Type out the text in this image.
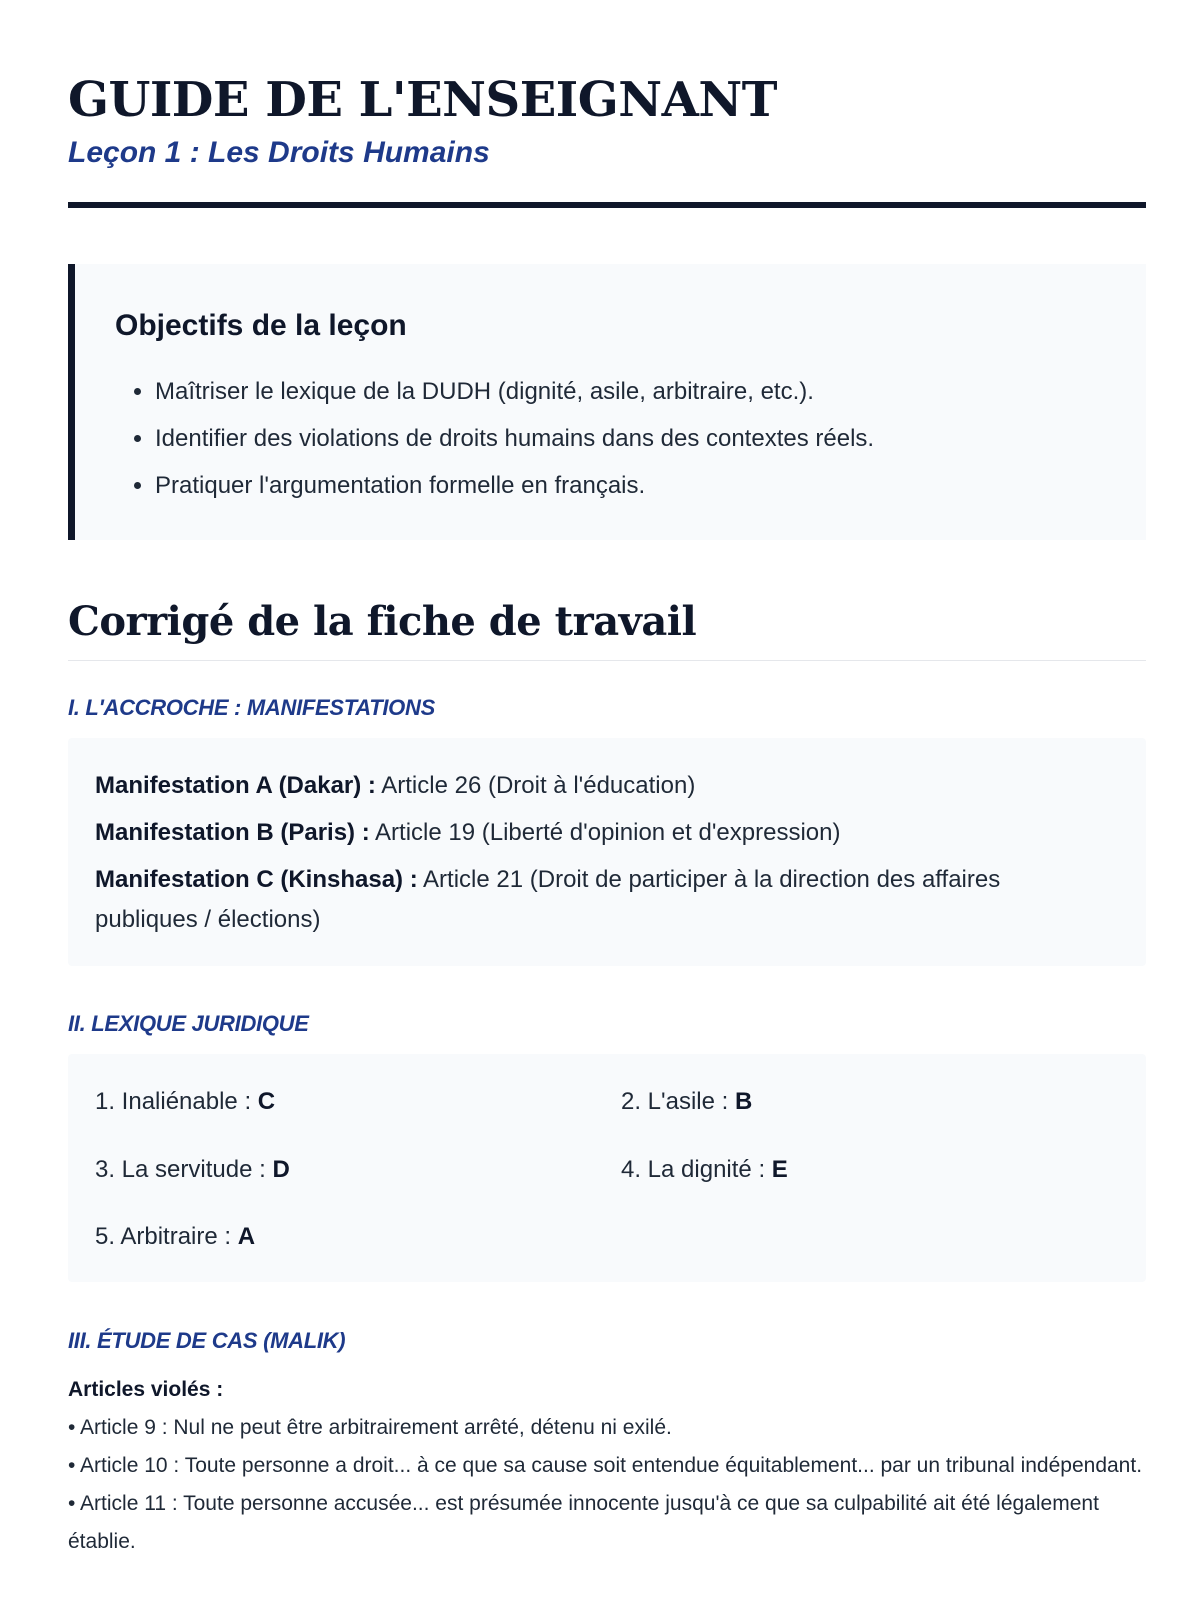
GUIDE DE L'ENSEIGNANT
Leçon 1 : Les Droits Humains
Objectifs de la leçon
• Maîtriser le lexique de la DUDH (dignité, asile, arbitraire, etc.).
• Identifier des violations de droits humains dans des contextes réels.
• Pratiquer l'argumentation formelle en français.
Corrigé de la fiche de travail
I. L'ACCROCHE : MANIFESTATIONS
Manifestation A (Dakar) : Article 26 (Droit à l'éducation)
Manifestation B (Paris) : Article 19 (Liberté d'opinion et d'expression)
Manifestation C (Kinshasa) : Article 21 (Droit de participer à la direction des affaires publiques / élections)
II. LEXIQUE JURIDIQUE
1. Inaliénable : C	2. L'asile : B
3. La servitude : D	4. La dignité : E
5. Arbitraire : A
III. ÉTUDE DE CAS (MALIK)

Articles violés :

• Article 9 : Nul ne peut être arbitrairement arrêté, détenu ni exilé.
• Article 10 : Toute personne a droit... à ce que sa cause soit entendue équitablement... par un tribunal indépendant.
• Article 11 : Toute personne accusée... est présumée innocente jusqu'à ce que sa culpabilité ait été légalement établie.
